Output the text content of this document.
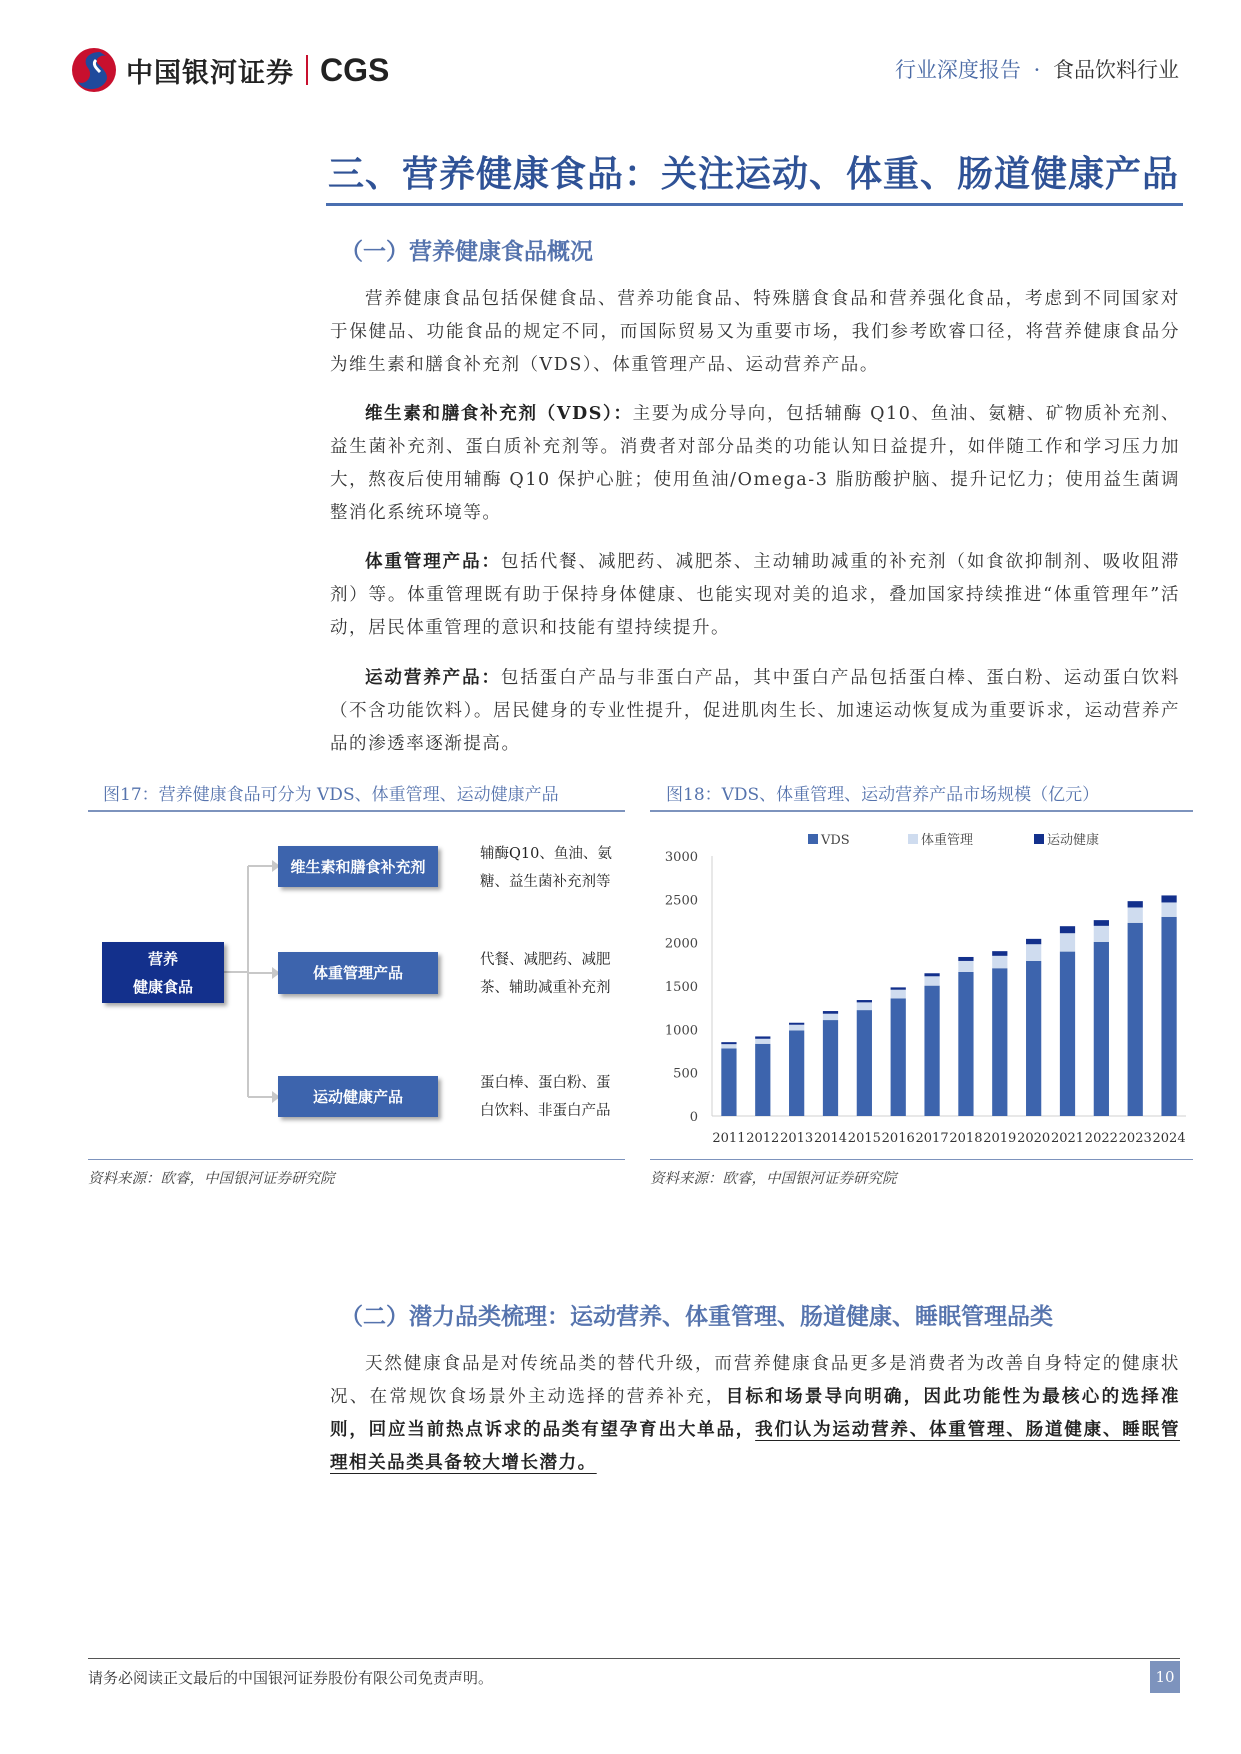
中国银河证券 CGS	行业深度报告 · 食品饮料行业
三、营养健康食品：关注运动、体重、肠道健康产品
（一）营养健康食品概况

营养健康食品包括保健食品、营养功能食品、特殊膳食食品和营养强化食品，考虑到不同国家对于保健品、功能食品的规定不同，而国际贸易又为重要市场，我们参考欧睿口径，将营养健康食品分为维生素和膳食补充剂（VDS）、体重管理产品、运动营养产品。

维生素和膳食补充剂（VDS）：主要为成分导向，包括辅酶 Q10、鱼油、氨糖、矿物质补充剂、益生菌补充剂、蛋白质补充剂等。消费者对部分品类的功能认知日益提升，如伴随工作和学习压力加大，熬夜后使用辅酶 Q10 保护心脏；使用鱼油/Omega-3 脂肪酸护脑、提升记忆力；使用益生菌调整消化系统环境等。

体重管理产品：包括代餐、减肥药、减肥茶、主动辅助减重的补充剂（如食欲抑制剂、吸收阻滞剂）等。体重管理既有助于保持身体健康、也能实现对美的追求，叠加国家持续推进“体重管理年”活动，居民体重管理的意识和技能有望持续提升。

运动营养产品：包括蛋白产品与非蛋白产品，其中蛋白产品包括蛋白棒、蛋白粉、运动蛋白饮料（不含功能饮料）。居民健身的专业性提升，促进肌肉生长、加速运动恢复成为重要诉求，运动营养产品的渗透率逐渐提高。

图17：营养健康食品可分为 VDS、体重管理、运动健康产品
营养
健康食品
维生素和膳食补充剂
体重管理产品
运动健康产品
辅酶Q10、鱼油、氨
糖、益生菌补充剂等
代餐、减肥药、减肥
茶、辅助减重补充剂
蛋白棒、蛋白粉、蛋
白饮料、非蛋白产品
资料来源：欧睿，中国银河证券研究院
图18：VDS、体重管理、运动营养产品市场规模（亿元）
0
500
1000
1500
2000
2500
3000
2011 2012 2013 2014 2015 2016 2017 2018 2019 2020 2021 2022 2023 2024
VDS	体重管理	运动健康
资料来源：欧睿，中国银河证券研究院
（二）潜力品类梳理：运动营养、体重管理、肠道健康、睡眠管理品类

天然健康食品是对传统品类的替代升级，而营养健康食品更多是消费者为改善自身特定的健康状况、在常规饮食场景外主动选择的营养补充，目标和场景导向明确，因此功能性为最核心的选择准则，回应当前热点诉求的品类有望孕育出大单品，我们认为运动营养、体重管理、肠道健康、睡眠管理相关品类具备较大增长潜力。

请务必阅读正文最后的中国银河证券股份有限公司免责声明。	10
